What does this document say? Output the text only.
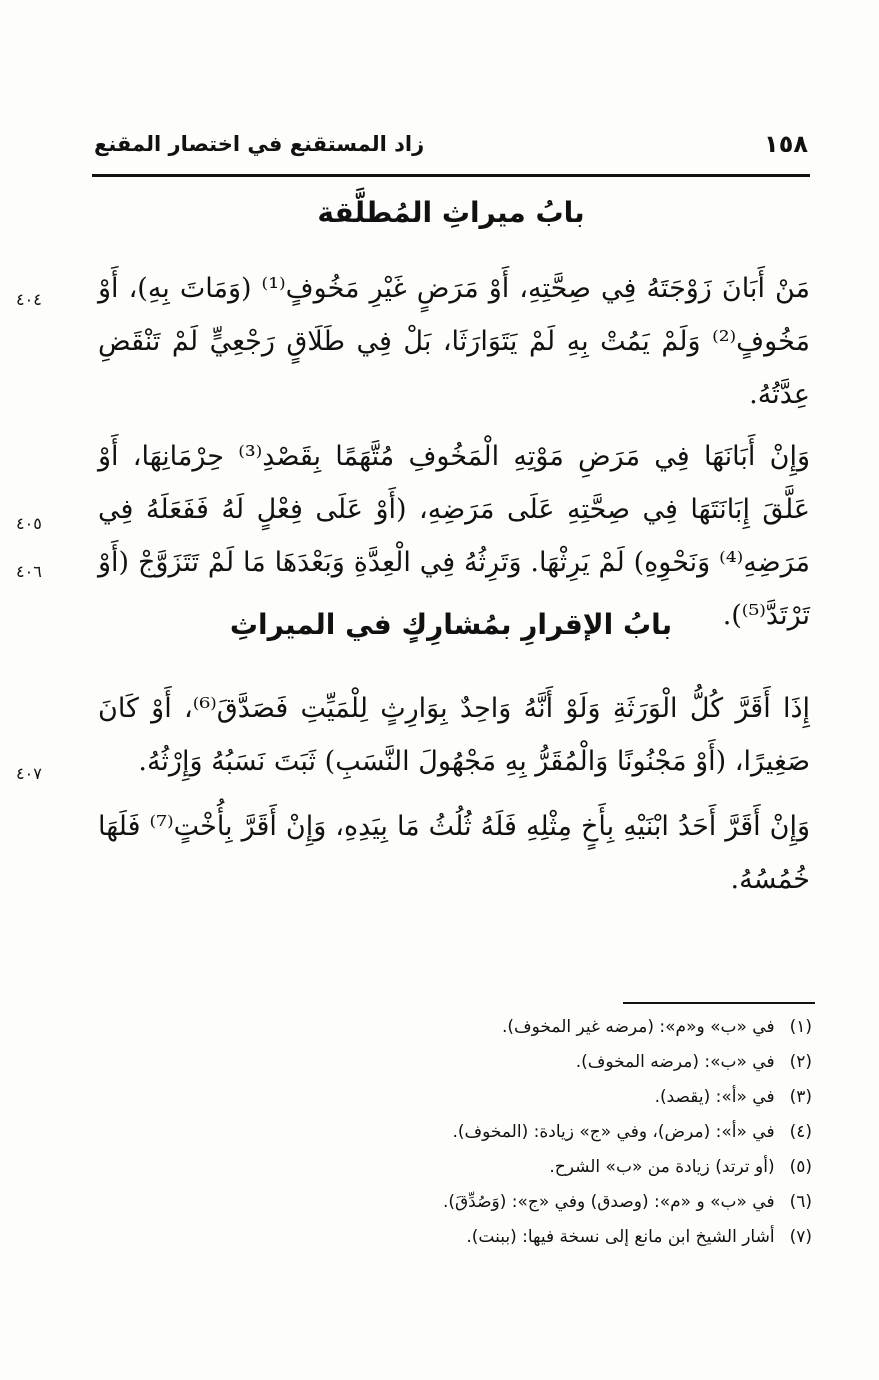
١٥٨
زاد المستقنع في اختصار المقنع
بابُ ميراثِ المُطلَّقة
مَنْ أَبَانَ زَوْجَتَهُ فِي صِحَّتِهِ، أَوْ مَرَضٍ غَيْرِ مَخُوفٍ⁽¹⁾ (وَمَاتَ بِهِ)، أَوْ مَخُوفٍ⁽²⁾ وَلَمْ يَمُتْ بِهِ لَمْ يَتَوَارَثَا، بَلْ فِي طَلَاقٍ رَجْعِيٍّ لَمْ تَنْقَضِ عِدَّتُهُ.
وَإِنْ أَبَانَهَا فِي مَرَضِ مَوْتِهِ الْمَخُوفِ مُتَّهَمًا بِقَصْدِ⁽³⁾ حِرْمَانِهَا، أَوْ عَلَّقَ إِبَانَتَهَا فِي صِحَّتِهِ عَلَى مَرَضِهِ، (أَوْ عَلَى فِعْلٍ لَهُ فَفَعَلَهُ فِي مَرَضِهِ⁽⁴⁾ وَنَحْوِهِ) لَمْ يَرِثْهَا. وَتَرِثُهُ فِي الْعِدَّةِ وَبَعْدَهَا مَا لَمْ تَتَزَوَّجْ (أَوْ تَرْتَدَّ⁽⁵⁾).
بابُ الإقرارِ بمُشارِكٍ في الميراثِ
إِذَا أَقَرَّ كُلُّ الْوَرَثَةِ وَلَوْ أَنَّهُ وَاحِدٌ بِوَارِثٍ لِلْمَيِّتِ فَصَدَّقَ⁽⁶⁾، أَوْ كَانَ صَغِيرًا، (أَوْ مَجْنُونًا وَالْمُقَرُّ بِهِ مَجْهُولَ النَّسَبِ) ثَبَتَ نَسَبُهُ وَإِرْثُهُ.
وَإِنْ أَقَرَّ أَحَدُ ابْنَيْهِ بِأَخٍ مِثْلِهِ فَلَهُ ثُلُثُ مَا بِيَدِهِ، وَإِنْ أَقَرَّ بِأُخْتٍ⁽⁷⁾ فَلَهَا خُمُسُهُ.
٤٠٤
٤٠٥
٤٠٦
٤٠٧
(١) في «ب» و«م»: (مرضه غير المخوف).
(٢) في «ب»: (مرضه المخوف).
(٣) في «أ»: (يقصد).
(٤) في «أ»: (مرض)، وفي «ج» زيادة: (المخوف).
(٥) (أو ترتد) زيادة من «ب» الشرح.
(٦) في «ب» و «م»: (وصدق) وفي «ج»: (وَصُدِّقَ).
(٧) أشار الشيخ ابن مانع إلى نسخة فيها: (ببنت).
